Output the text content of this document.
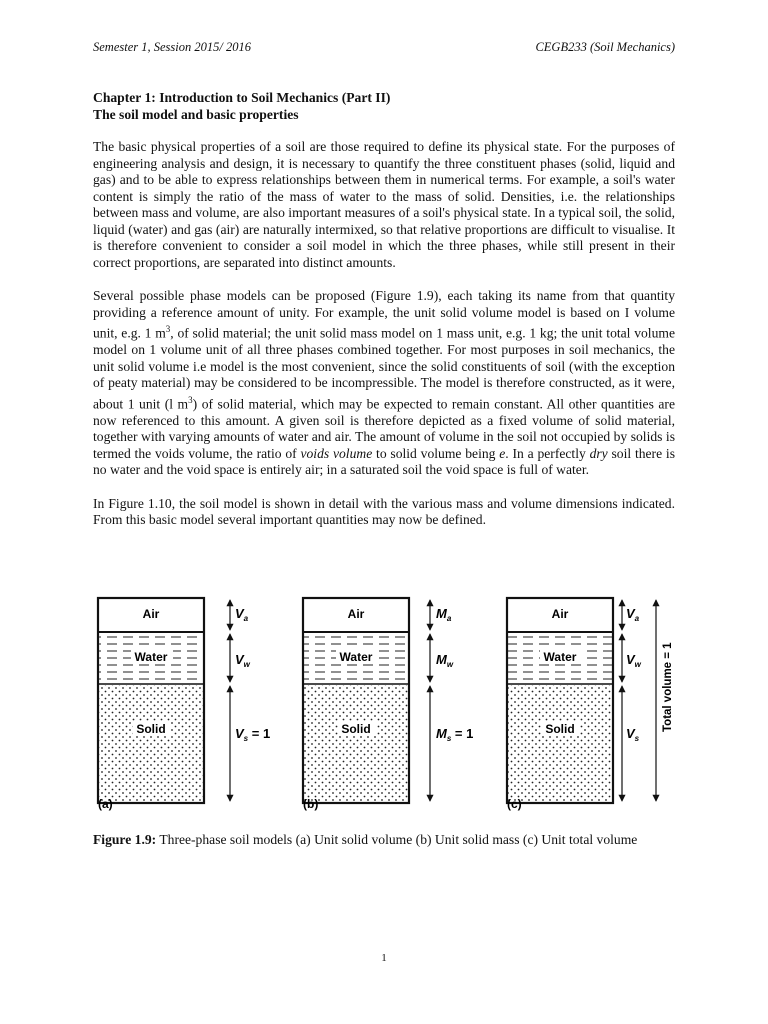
Semester 1, Session 2015/ 2016	CEGB233 (Soil Mechanics)

Chapter 1: Introduction to Soil Mechanics (Part II)

The soil model and basic properties

The basic physical properties of a soil are those required to define its physical state. For the purposes of engineering analysis and design, it is necessary to quantify the three constituent phases (solid, liquid and gas) and to be able to express relationships between them in numerical terms. For example, a soil's water content is simply the ratio of the mass of water to the mass of solid. Densities, i.e. the relationships between mass and volume, are also important measures of a soil's physical state. In a typical soil, the solid, liquid (water) and gas (air) are naturally intermixed, so that relative proportions are difficult to visualise. It is therefore convenient to consider a soil model in which the three phases, while still present in their correct proportions, are separated into distinct amounts.

Several possible phase models can be proposed (Figure 1.9), each taking its name from that quantity providing a reference amount of unity. For example, the unit solid volume model is based on I volume unit, e.g. 1 $m^3$, of solid material; the unit solid mass model on 1 mass unit, e.g. 1 kg; the unit total volume model on 1 volume unit of all three phases combined together. For most purposes in soil mechanics, the unit solid volume i.e model is the most convenient, since the solid constituents of soil (with the exception of peaty material) may be considered to be incompressible. The model is therefore constructed, as it were, about 1 unit (l $m^3$) of solid material, which may be expected to remain constant. All other quantities are now referenced to this amount. A given soil is therefore depicted as a fixed volume of solid material, together with varying amounts of water and air. The amount of volume in the soil not occupied by solids is termed the voids volume, the ratio of voids volume to solid volume being e. In a perfectly dry soil there is no water and the void space is entirely air; in a saturated soil the void space is full of water.

In Figure 1.10, the soil model is shown in detail with the various mass and volume dimensions indicated. From this basic model several important quantities may now be defined.

Air
Water
Solid
$V_a$
$V_w$
$V_s = 1$
(a)
Air
Water
Solid
$M_a$
$M_w$
$M_s = 1$
(b)
Air
Water
Solid
$V_a$
$V_w$
$V_s$
Total volume = 1
(c)
Figure 1.9: Three-phase soil models (a) Unit solid volume (b) Unit solid mass (c) Unit total volume
1
